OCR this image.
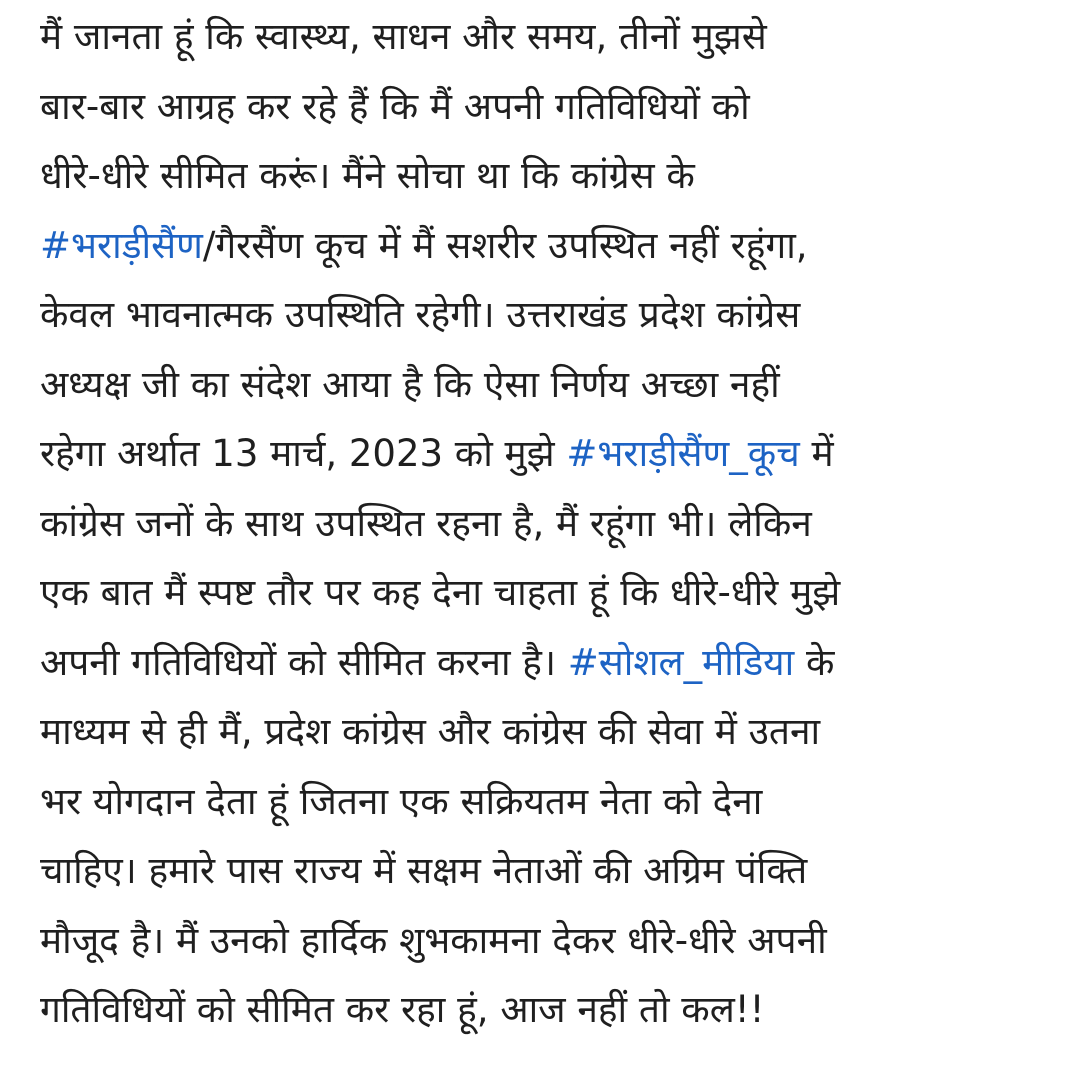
मैं जानता हूं कि स्वास्थ्य, साधन और समय, तीनों मुझसे
बार-बार आग्रह कर रहे हैं कि मैं अपनी गतिविधियों को
धीरे-धीरे सीमित करूं। मैंने सोचा था कि कांग्रेस के
#भराड़ीसैंण/गैरसैंण कूच में मैं सशरीर उपस्थित नहीं रहूंगा,
केवल भावनात्मक उपस्थिति रहेगी। उत्तराखंड प्रदेश कांग्रेस
अध्यक्ष जी का संदेश आया है कि ऐसा निर्णय अच्छा नहीं
रहेगा अर्थात 13 मार्च, 2023 को मुझे #भराड़ीसैंण_कूच में
कांग्रेस जनों के साथ उपस्थित रहना है, मैं रहूंगा भी। लेकिन
एक बात मैं स्पष्ट तौर पर कह देना चाहता हूं कि धीरे-धीरे मुझे
अपनी गतिविधियों को सीमित करना है। #सोशल_मीडिया के
माध्यम से ही मैं, प्रदेश कांग्रेस और कांग्रेस की सेवा में उतना
भर योगदान देता हूं जितना एक सक्रियतम नेता को देना
चाहिए। हमारे पास राज्य में सक्षम नेताओं की अग्रिम पंक्ति
मौजूद है। मैं उनको हार्दिक शुभकामना देकर धीरे-धीरे अपनी
गतिविधियों को सीमित कर रहा हूं, आज नहीं तो कल!!
